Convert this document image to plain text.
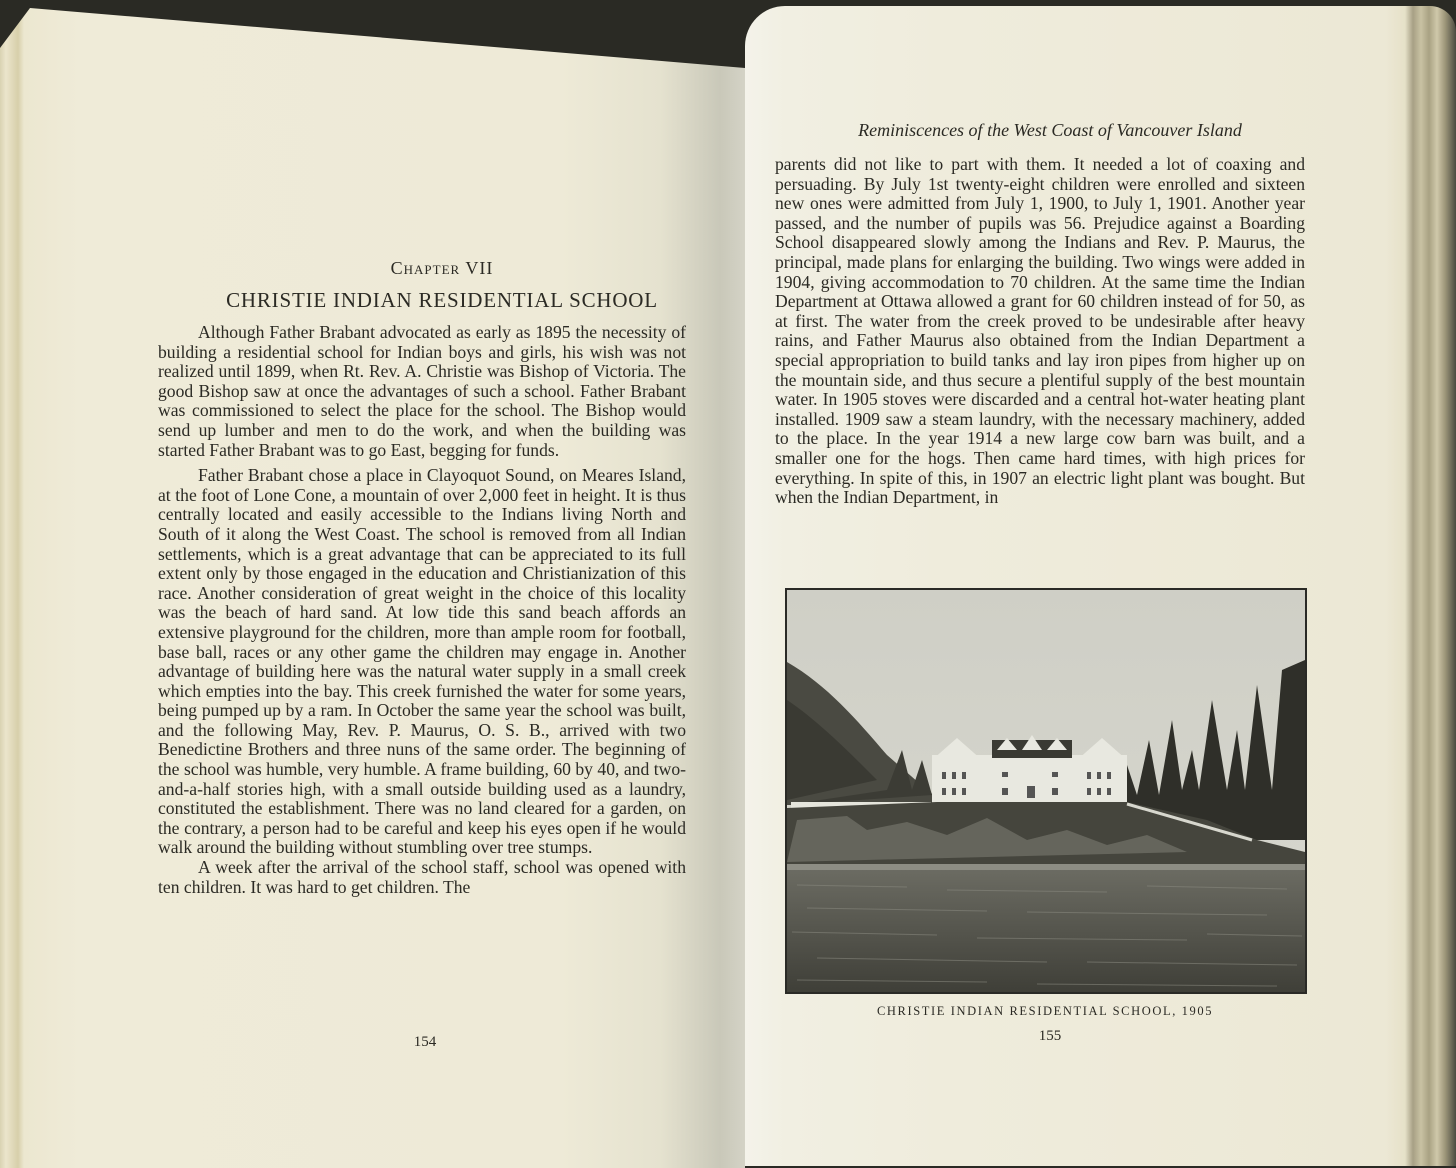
Chapter VII
CHRISTIE INDIAN RESIDENTIAL SCHOOL

Although Father Brabant advocated as early as 1895 the necessity of building a residential school for Indian boys and girls, his wish was not realized until 1899, when Rt. Rev. A. Christie was Bishop of Victoria. The good Bishop saw at once the advantages of such a school. Father Brabant was commissioned to select the place for the school. The Bishop would send up lumber and men to do the work, and when the building was started Father Brabant was to go East, begging for funds.

Father Brabant chose a place in Clayoquot Sound, on Meares Island, at the foot of Lone Cone, a mountain of over 2,000 feet in height. It is thus centrally located and easily accessible to the Indians living North and South of it along the West Coast. The school is removed from all Indian settlements, which is a great advantage that can be appreciated to its full extent only by those engaged in the education and Christianization of this race. Another consideration of great weight in the choice of this locality was the beach of hard sand. At low tide this sand beach affords an extensive playground for the children, more than ample room for football, base ball, races or any other game the children may engage in. Another advantage of building here was the natural water supply in a small creek which empties into the bay. This creek furnished the water for some years, being pumped up by a ram. In October the same year the school was built, and the following May, Rev. P. Maurus, O. S. B., arrived with two Benedictine Brothers and three nuns of the same order. The beginning of the school was humble, very humble. A frame building, 60 by 40, and two-and-a-half stories high, with a small outside building used as a laundry, constituted the establishment. There was no land cleared for a garden, on the contrary, a person had to be careful and keep his eyes open if he would walk around the building without stumbling over tree stumps.

A week after the arrival of the school staff, school was opened with ten children. It was hard to get children. The

154
Reminiscences of the West Coast of Vancouver Island

parents did not like to part with them. It needed a lot of coaxing and persuading. By July 1st twenty-eight children were enrolled and sixteen new ones were admitted from July 1, 1900, to July 1, 1901. Another year passed, and the number of pupils was 56. Prejudice against a Boarding School disappeared slowly among the Indians and Rev. P. Maurus, the principal, made plans for enlarging the building. Two wings were added in 1904, giving accommodation to 70 children. At the same time the Indian Department at Ottawa allowed a grant for 60 children instead of for 50, as at first. The water from the creek proved to be undesirable after heavy rains, and Father Maurus also obtained from the Indian Department a special appropriation to build tanks and lay iron pipes from higher up on the mountain side, and thus secure a plentiful supply of the best mountain water. In 1905 stoves were discarded and a central hot-water heating plant installed. 1909 saw a steam laundry, with the necessary machinery, added to the place. In the year 1914 a new large cow barn was built, and a smaller one for the hogs. Then came hard times, with high prices for everything. In spite of this, in 1907 an electric light plant was bought. But when the Indian Department, in

CHRISTIE INDIAN RESIDENTIAL SCHOOL, 1905
155
